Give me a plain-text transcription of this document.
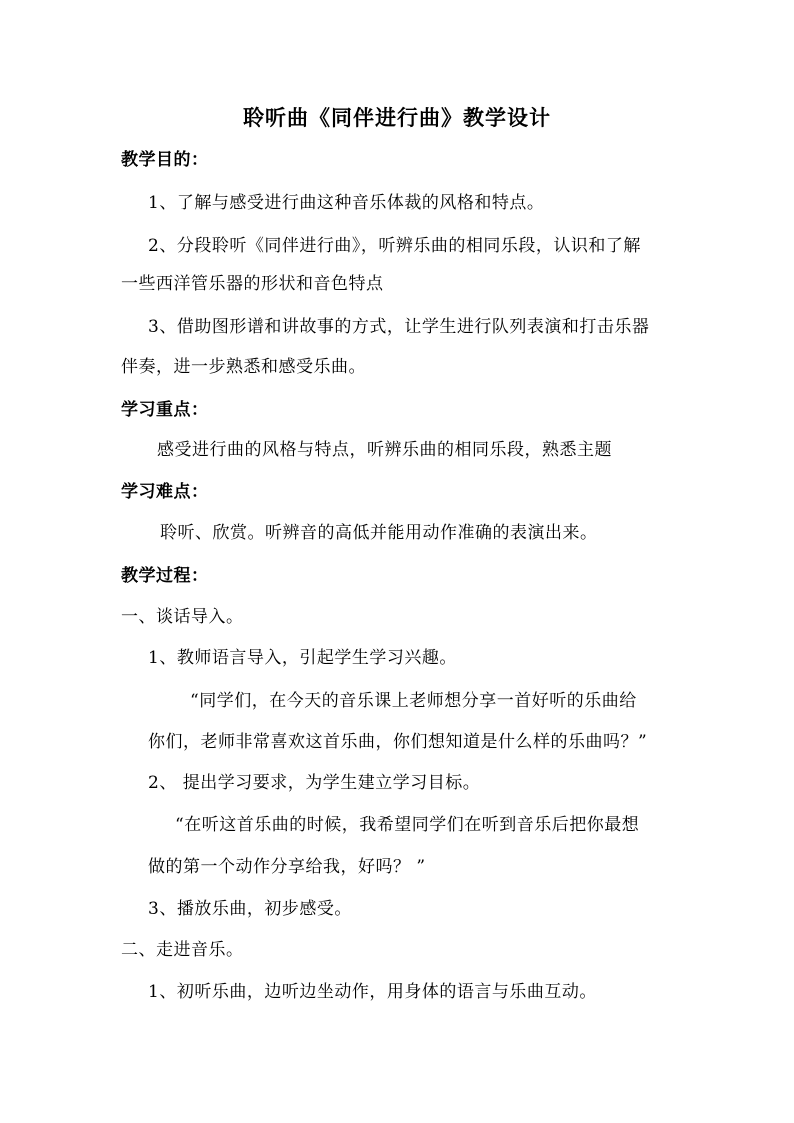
聆听曲《同伴进行曲》教学设计
教学目的：
1、了解与感受进行曲这种音乐体裁的风格和特点。
2、分段聆听《同伴进行曲》，听辨乐曲的相同乐段，认识和了解
一些西洋管乐器的形状和音色特点
3、借助图形谱和讲故事的方式，让学生进行队列表演和打击乐器
伴奏，进一步熟悉和感受乐曲。
学习重点：
感受进行曲的风格与特点，听辨乐曲的相同乐段，熟悉主题
学习难点：
聆听、欣赏。听辨音的高低并能用动作准确的表演出来。
教学过程：
一、谈话导入。
1、教师语言导入，引起学生学习兴趣。
“同学们，在今天的音乐课上老师想分享一首好听的乐曲给
你们，老师非常喜欢这首乐曲，你们想知道是什么样的乐曲吗？”
2、 提出学习要求，为学生建立学习目标。
“在听这首乐曲的时候，我希望同学们在听到音乐后把你最想
做的第一个动作分享给我，好吗？ ”
3、播放乐曲，初步感受。
二、走进音乐。
1、初听乐曲，边听边坐动作，用身体的语言与乐曲互动。
